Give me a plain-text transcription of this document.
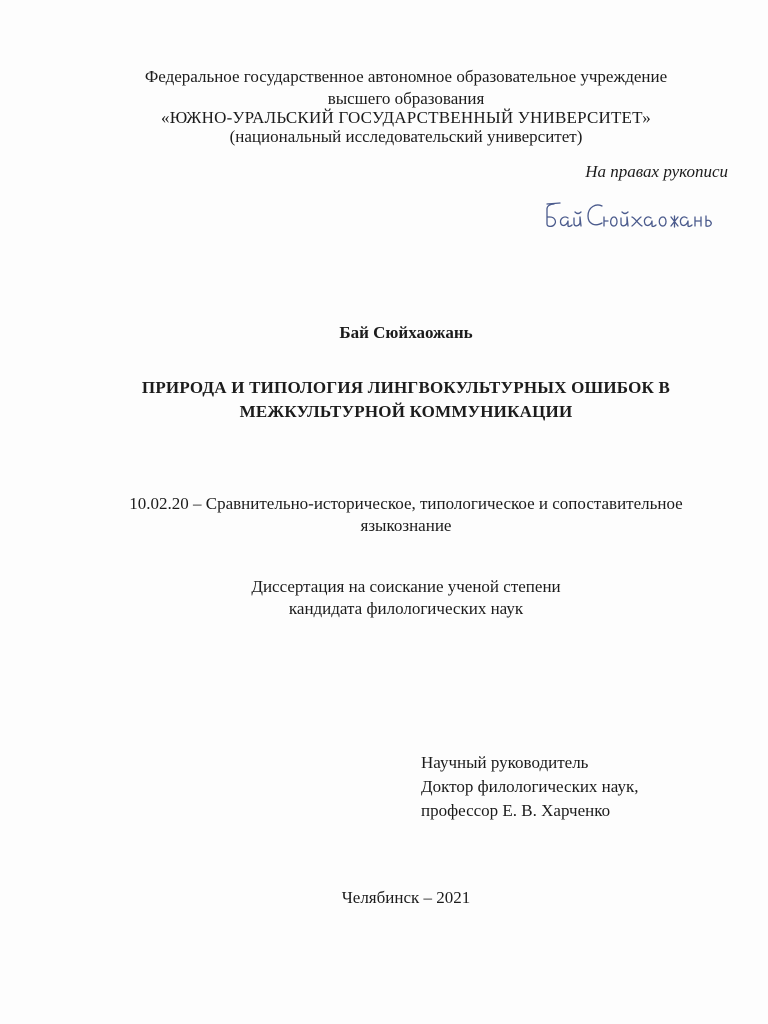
Федеральное государственное автономное образовательное учреждение
высшего образования
«ЮЖНО-УРАЛЬСКИЙ ГОСУДАРСТВЕННЫЙ УНИВЕРСИТЕТ»
(национальный исследовательский университет)
На правах рукописи
Бай Сюйхаожань
ПРИРОДА И ТИПОЛОГИЯ ЛИНГВОКУЛЬТУРНЫХ ОШИБОК В
МЕЖКУЛЬТУРНОЙ КОММУНИКАЦИИ
10.02.20 – Сравнительно-историческое, типологическое и сопоставительное
языкознание
Диссертация на соискание ученой степени
кандидата филологических наук
Научный руководитель
Доктор филологических наук,
профессор Е. В. Харченко
Челябинск – 2021
